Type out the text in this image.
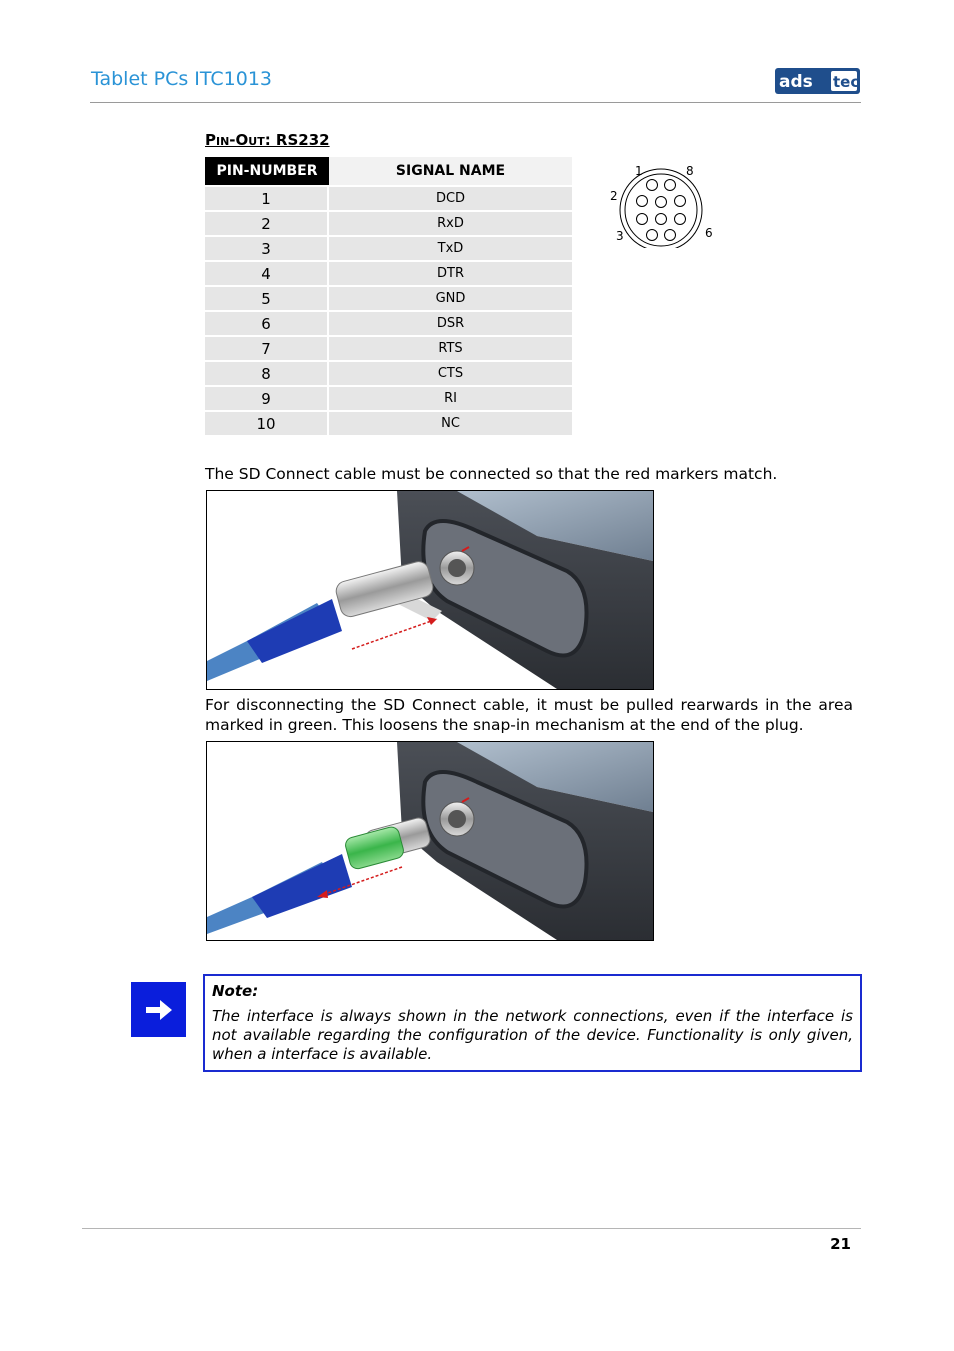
Tablet PCs ITC1013	ads tec
Pin-Out: RS232
PIN-NUMBER	SIGNAL NAME
1	DCD
2	RxD
3	TxD
4	DTR
5	GND
6	DSR
7	RTS
8	CTS
9	RI
10	NC
1	8
2
3	6
The SD Connect cable must be connected so that the red markers match.
For disconnecting the SD Connect cable, it must be pulled rearwards in the area marked in green. This loosens the snap-in mechanism at the end of the plug.
Note:
The interface is always shown in the network connections, even if the interface is not available regarding the configuration of the device. Functionality is only given, when a interface is available.
21
